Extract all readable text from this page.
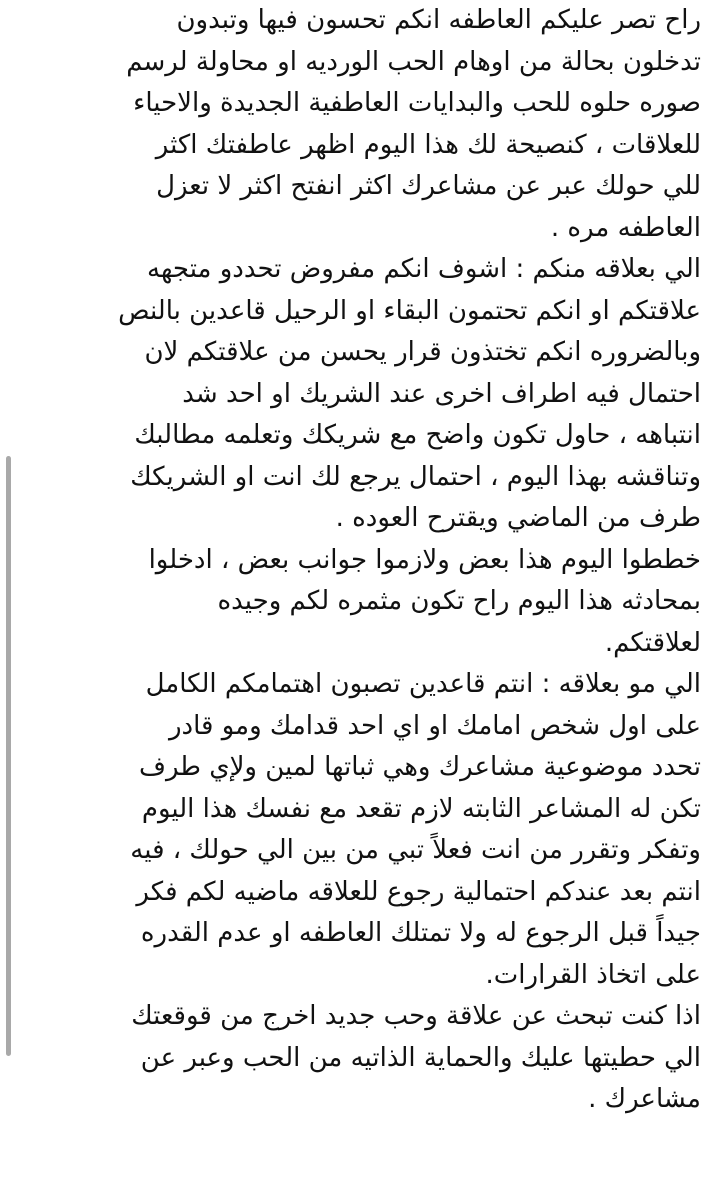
راح تصر عليكم العاطفه انكم تحسون فيها وتبدون
تدخلون بحالة من اوهام الحب الورديه او محاولة لرسم
صوره حلوه للحب والبدايات العاطفية الجديدة والاحياء
للعلاقات ، كنصيحة لك هذا اليوم اظهر عاطفتك اكثر
للي حولك عبر عن مشاعرك اكثر انفتح اكثر لا تعزل
العاطفه مره .
الي بعلاقه منكم : اشوف انكم مفروض تحددو متجهه
علاقتكم او انكم تحتمون البقاء او الرحيل قاعدين بالنص
وبالضروره انكم تختذون قرار يحسن من علاقتكم لان
احتمال فيه اطراف اخرى عند الشريك او احد شد
انتباهه ، حاول تكون واضح مع شريكك وتعلمه مطالبك
وتناقشه بهذا اليوم ، احتمال يرجع لك انت او الشريكك
طرف من الماضي ويقترح العوده .
خططوا اليوم هذا بعض ولازموا جوانب بعض ، ادخلوا
بمحادثه هذا اليوم راح تكون مثمره لكم وجيده
لعلاقتكم.
الي مو بعلاقه : انتم قاعدين تصبون اهتمامكم الكامل
على اول شخص امامك او اي احد قدامك ومو قادر
تحدد موضوعية مشاعرك وهي ثباتها لمين ولإي طرف
تكن له المشاعر الثابته لازم تقعد مع نفسك هذا اليوم
وتفكر وتقرر من انت فعلاً تبي من بين الي حولك ، فيه
انتم بعد عندكم احتمالية رجوع للعلاقه ماضيه لكم فكر
جيداً قبل الرجوع له ولا تمتلك العاطفه او عدم القدره
على اتخاذ القرارات.
اذا كنت تبحث عن علاقة وحب جديد اخرج من قوقعتك
الي حطيتها عليك والحماية الذاتيه من الحب وعبر عن
مشاعرك .
